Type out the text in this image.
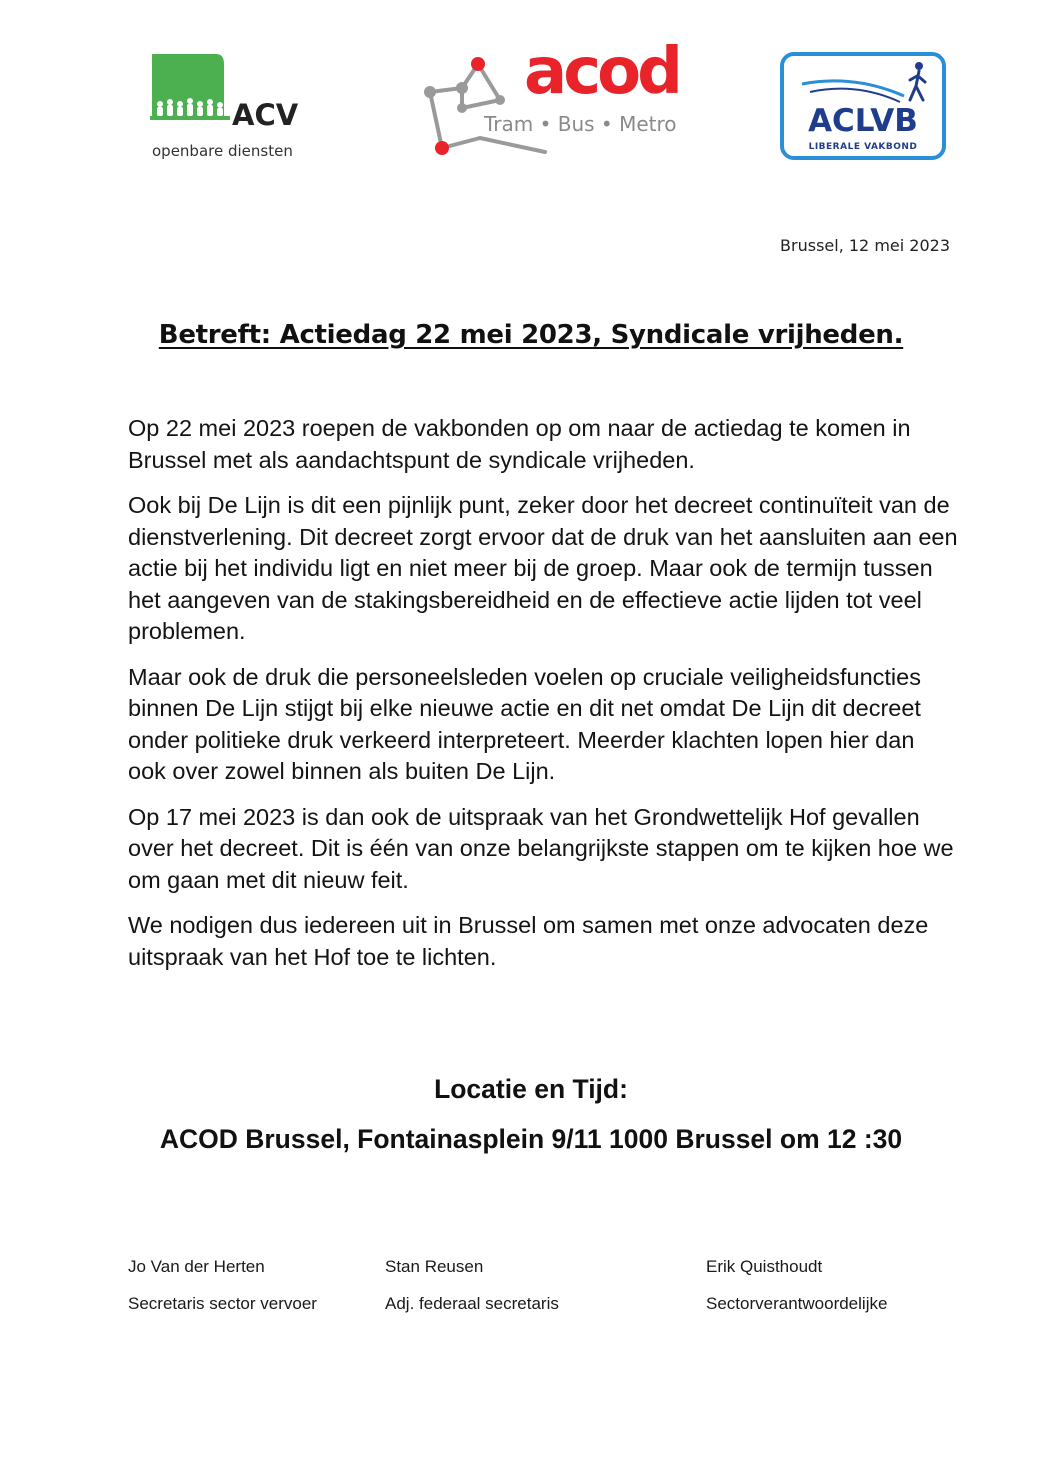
ACV
openbare diensten
acod
Tram • Bus • Metro	ACLVB
LIBERALE VAKBOND
Brussel, 12 mei 2023
Betreft: Actiedag 22 mei 2023, Syndicale vrijheden.

Op 22 mei 2023 roepen de vakbonden op om naar de actiedag te komen in Brussel met als aandachtspunt de syndicale vrijheden.

Ook bij De Lijn is dit een pijnlijk punt, zeker door het decreet continuïteit van de dienstverlening. Dit decreet zorgt ervoor dat de druk van het aansluiten aan een actie bij het individu ligt en niet meer bij de groep. Maar ook de termijn tussen het aangeven van de stakingsbereidheid en de effectieve actie lijden tot veel problemen.

Maar ook de druk die personeelsleden voelen op cruciale veiligheidsfuncties binnen De Lijn stijgt bij elke nieuwe actie en dit net omdat De Lijn dit decreet onder politieke druk verkeerd interpreteert. Meerder klachten lopen hier dan ook over zowel binnen als buiten De Lijn.

Op 17 mei 2023 is dan ook de uitspraak van het Grondwettelijk Hof gevallen over het decreet. Dit is één van onze belangrijkste stappen om te kijken hoe we om gaan met dit nieuw feit.

We nodigen dus iedereen uit in Brussel om samen met onze advocaten deze uitspraak van het Hof toe te lichten.

Locatie en Tijd:
ACOD Brussel, Fontainasplein 9/11 1000 Brussel om 12 :30
Jo Van der Herten
Secretaris sector vervoer
Stan Reusen
Adj. federaal secretaris
Erik Quisthoudt
Sectorverantwoordelijke
